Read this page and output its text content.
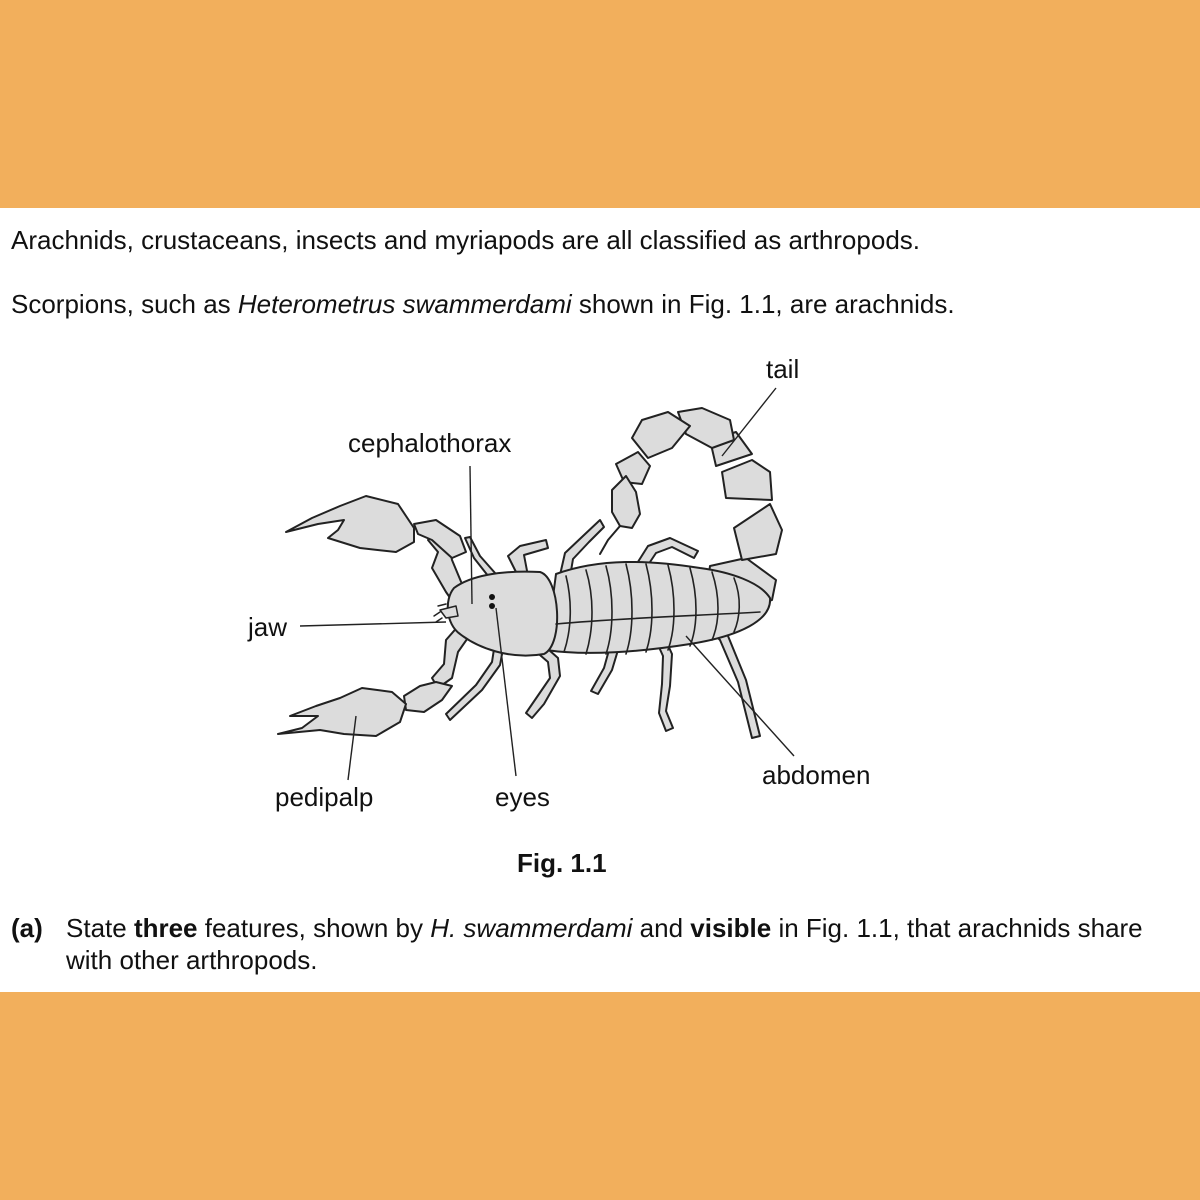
Arachnids, crustaceans, insects and myriapods are all classified as arthropods.

Scorpions, such as Heterometrus swammerdami shown in Fig. 1.1, are arachnids.

tail
cephalothorax
jaw
pedipalp	eyes
abdomen
Fig. 1.1
(a) State three features, shown by H. swammerdami and visible in Fig. 1.1, that arachnids share with other arthropods.
